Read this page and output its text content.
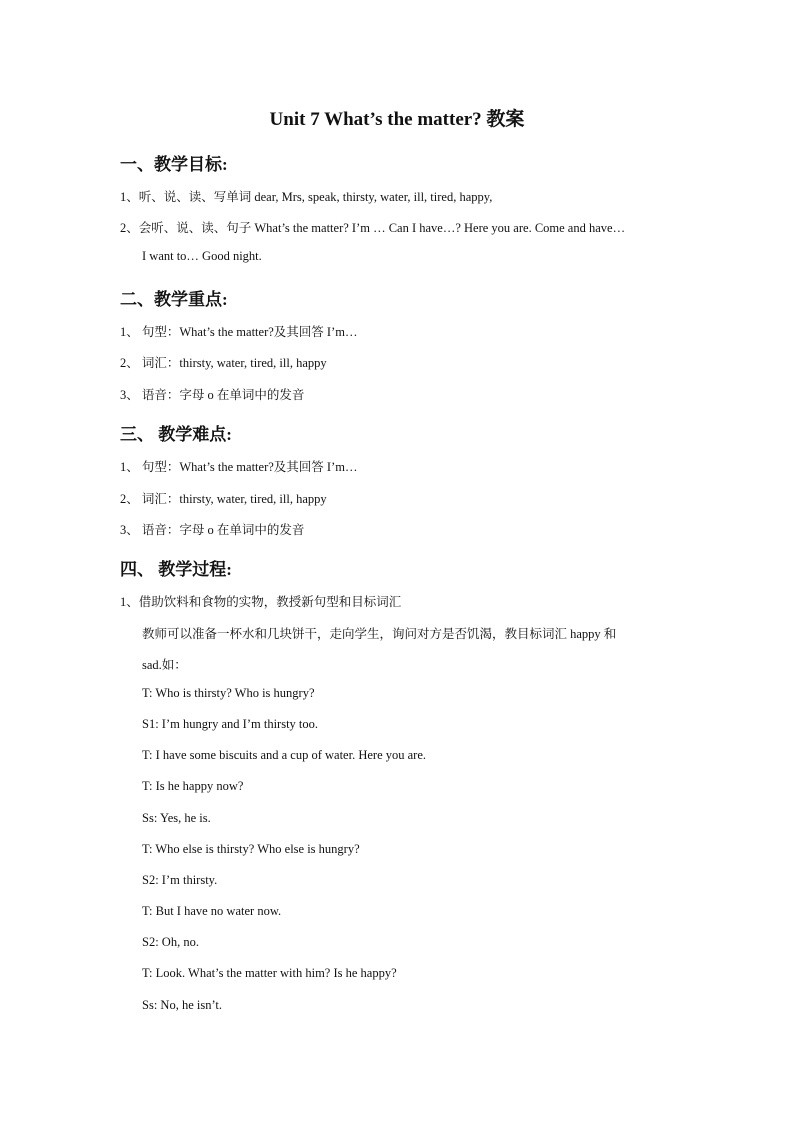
Unit 7 What’s the matter? 教案
一、教学目标:
1、听、说、读、写单词 dear, Mrs, speak, thirsty, water, ill, tired, happy,
2、会听、说、读、句子 What’s the matter? I’m … Can I have…? Here you are. Come and have…
I want to… Good night.
二、教学重点:
1、 句型：What’s the matter?及其回答 I’m…
2、 词汇：thirsty, water, tired, ill, happy
3、 语音：字母 o 在单词中的发音
三、 教学难点:
1、 句型：What’s the matter?及其回答 I’m…
2、 词汇：thirsty, water, tired, ill, happy
3、 语音：字母 o 在单词中的发音
四、 教学过程:
1、借助饮料和食物的实物，教授新句型和目标词汇
教师可以准备一杯水和几块饼干，走向学生，询问对方是否饥渴，教目标词汇 happy 和
sad.如：
T: Who is thirsty? Who is hungry?
S1: I’m hungry and I’m thirsty too.
T: I have some biscuits and a cup of water. Here you are.
T: Is he happy now?
Ss: Yes, he is.
T: Who else is thirsty? Who else is hungry?
S2: I’m thirsty.
T: But I have no water now.
S2: Oh, no.
T: Look. What’s the matter with him? Is he happy?
Ss: No, he isn’t.
